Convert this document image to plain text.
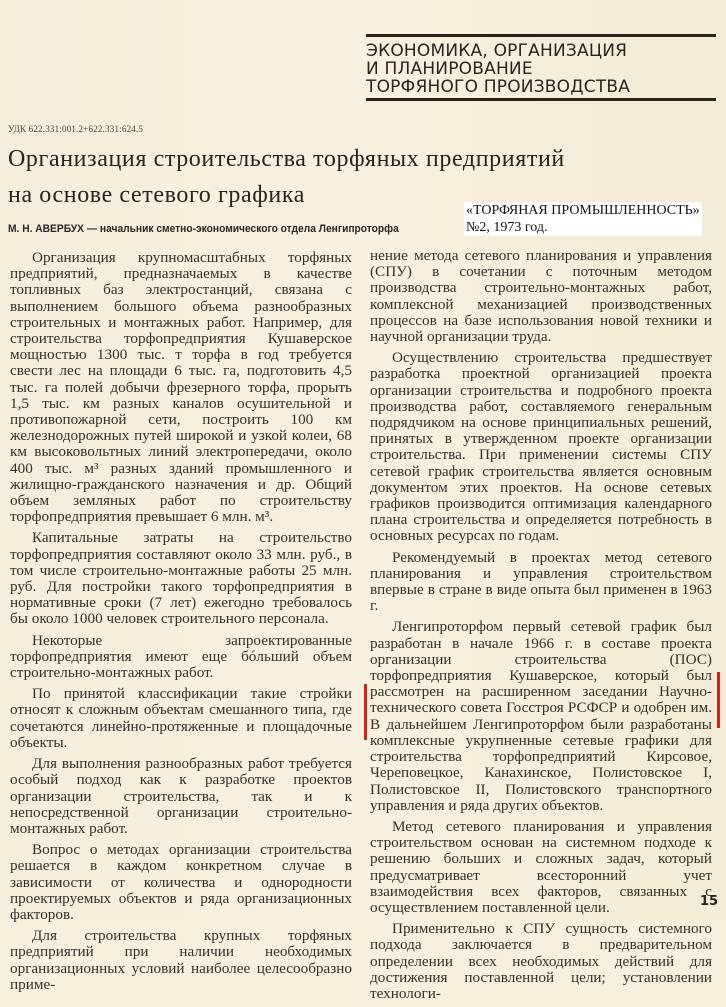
ЭКОНОМИКА, ОРГАНИЗАЦИЯ
И ПЛАНИРОВАНИЕ
ТОРФЯНОГО ПРОИЗВОДСТВА
УДК 622.331:001.2+622.331:624.5
Организация строительства торфяных предприятий
на основе сетевого графика
М. Н. АВЕРБУХ — начальник сметно-экономического отдела Ленгипроторфа
«ТОРФЯНАЯ ПРОМЫШЛЕННОСТЬ»
№2, 1973 год.

Организация крупномасштабных торфяных предприятий, предназначаемых в качестве топливных баз электростанций, связана с выполнением большого объема разнообразных строительных и монтажных работ. Например, для строительства торфопредприятия Кушаверское мощностью 1300 тыс. т торфа в год требуется свести лес на площади 6 тыс. га, подготовить 4,5 тыс. га полей добычи фрезерного торфа, прорыть 1,5 тыс. км разных каналов осушительной и противопожарной сети, построить 100 км железнодорожных путей широкой и узкой колеи, 68 км высоковольтных линий электропередачи, около 400 тыс. м³ разных зданий промышленного и жилищно-гражданского назначения и др. Общий объем земляных работ по строительству торфопредприятия превышает 6 млн. м³.

Капитальные затраты на строительство торфопредприятия составляют около 33 млн. руб., в том числе строительно-монтажные работы 25 млн. руб. Для постройки такого торфопредприятия в нормативные сроки (7 лет) ежегодно требовалось бы около 1000 человек строительного персонала.

Некоторые запроектированные торфопредприятия имеют еще бóльший объем строительно-монтажных работ.

По принятой классификации такие стройки относят к сложным объектам смешанного типа, где сочетаются линейно-протяженные и площадочные объекты.

Для выполнения разнообразных работ требуется особый подход как к разработке проектов организации строительства, так и к непосредственной организации строительно-монтажных работ.

Вопрос о методах организации строительства решается в каждом конкретном случае в зависимости от количества и однородности проектируемых объектов и ряда организационных факторов.

Для строительства крупных торфяных предприятий при наличии необходимых организационных условий наиболее целесообразно приме-

нение метода сетевого планирования и управления (СПУ) в сочетании с поточным методом производства строительно-монтажных работ, комплексной механизацией производственных процессов на базе использования новой техники и научной организации труда.

Осуществлению строительства предшествует разработка проектной организацией проекта организации строительства и подробного проекта производства работ, составляемого генеральным подрядчиком на основе принципиальных решений, принятых в утвержденном проекте организации строительства. При применении системы СПУ сетевой график строительства является основным документом этих проектов. На основе сетевых графиков производится оптимизация календарного плана строительства и определяется потребность в основных ресурсах по годам.

Рекомендуемый в проектах метод сетевого планирования и управления строительством впервые в стране в виде опыта был применен в 1963 г.

Ленгипроторфом первый сетевой график был разработан в начале 1966 г. в составе проекта организации строительства (ПОС) торфопредприятия Кушаверское, который был рассмотрен на расширенном заседании Научно-технического совета Госстроя РСФСР и одобрен им. В дальнейшем Ленгипроторфом были разработаны комплексные укрупненные сетевые графики для строительства торфопредприятий Кирсовое, Череповецкое, Канахинское, Полистовское I, Полистовское II, Полистовского транспортного управления и ряда других объектов.

Метод сетевого планирования и управления строительством основан на системном подходе к решению больших и сложных задач, который предусматривает всесторонний учет взаимодействия всех факторов, связанных с осуществлением поставленной цели.

Применительно к СПУ сущность системного подхода заключается в предварительном определении всех необходимых действий для достижения поставленной цели; установлении технологи-

15
